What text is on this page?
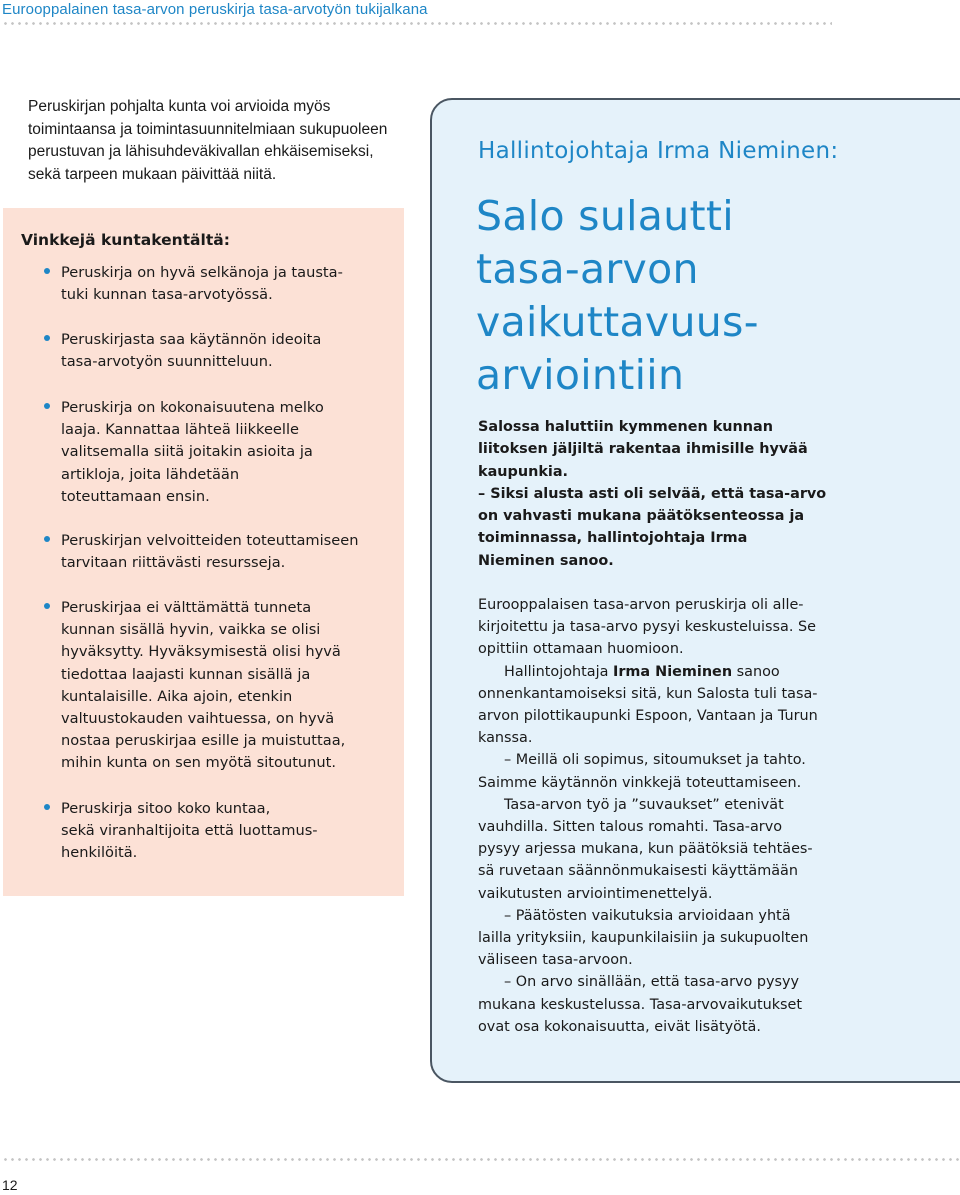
Eurooppalainen tasa-arvon peruskirja tasa-arvotyön tukijalkana

Peruskirjan pohjalta kunta voi arvioida myös
toimintaansa ja toimintasuunnitelmiaan sukupuoleen
perustuvan ja lähisuhdeväkivallan ehkäisemiseksi,
sekä tarpeen mukaan päivittää niitä.

Vinkkejä kuntakentältä:
Peruskirja on hyvä selkänoja ja tausta-
tuki kunnan tasa-arvotyössä.
Peruskirjasta saa käytännön ideoita
tasa-arvotyön suunnitteluun.
Peruskirja on kokonaisuutena melko
laaja. Kannattaa lähteä liikkeelle
valitsemalla siitä joitakin asioita ja
artikloja, joita lähdetään
toteuttamaan ensin.
Peruskirjan velvoitteiden toteuttamiseen
tarvitaan riittävästi resursseja.
Peruskirjaa ei välttämättä tunneta
kunnan sisällä hyvin, vaikka se olisi
hyväksytty. Hyväksymisestä olisi hyvä
tiedottaa laajasti kunnan sisällä ja
kuntalaisille. Aika ajoin, etenkin
valtuustokauden vaihtuessa, on hyvä
nostaa peruskirjaa esille ja muistuttaa,
mihin kunta on sen myötä sitoutunut.
Peruskirja sitoo koko kuntaa,
sekä viranhaltijoita että luottamus-
henkilöitä.
Hallintojohtaja Irma Nieminen:
Salo sulautti
tasa-arvon
vaikuttavuus-
arviointiin

Salossa haluttiin kymmenen kunnan
liitoksen jäljiltä rakentaa ihmisille hyvää
kaupunkia.
– Siksi alusta asti oli selvää, että tasa-arvo
on vahvasti mukana päätöksenteossa ja
toiminnassa, hallintojohtaja Irma
Nieminen sanoo.

Eurooppalaisen tasa-arvon peruskirja oli alle-
kirjoitettu ja tasa-arvo pysyi keskusteluissa. Se
opittiin ottamaan huomioon.

Hallintojohtaja Irma Nieminen sanoo
onnenkantamoiseksi sitä, kun Salosta tuli tasa-
arvon pilottikaupunki Espoon, Vantaan ja Turun
kanssa.

– Meillä oli sopimus, sitoumukset ja tahto.
Saimme käytännön vinkkejä toteuttamiseen.

Tasa-arvon työ ja ”suvaukset” etenivät
vauhdilla. Sitten talous romahti. Tasa-arvo
pysyy arjessa mukana, kun päätöksiä tehtäes-
sä ruvetaan säännönmukaisesti käyttämään
vaikutusten arviointimenettelyä.

– Päätösten vaikutuksia arvioidaan yhtä
lailla yrityksiin, kaupunkilaisiin ja sukupuolten
väliseen tasa-arvoon.

– On arvo sinällään, että tasa-arvo pysyy
mukana keskustelussa. Tasa-arvovaikutukset
ovat osa kokonaisuutta, eivät lisätyötä.

12
